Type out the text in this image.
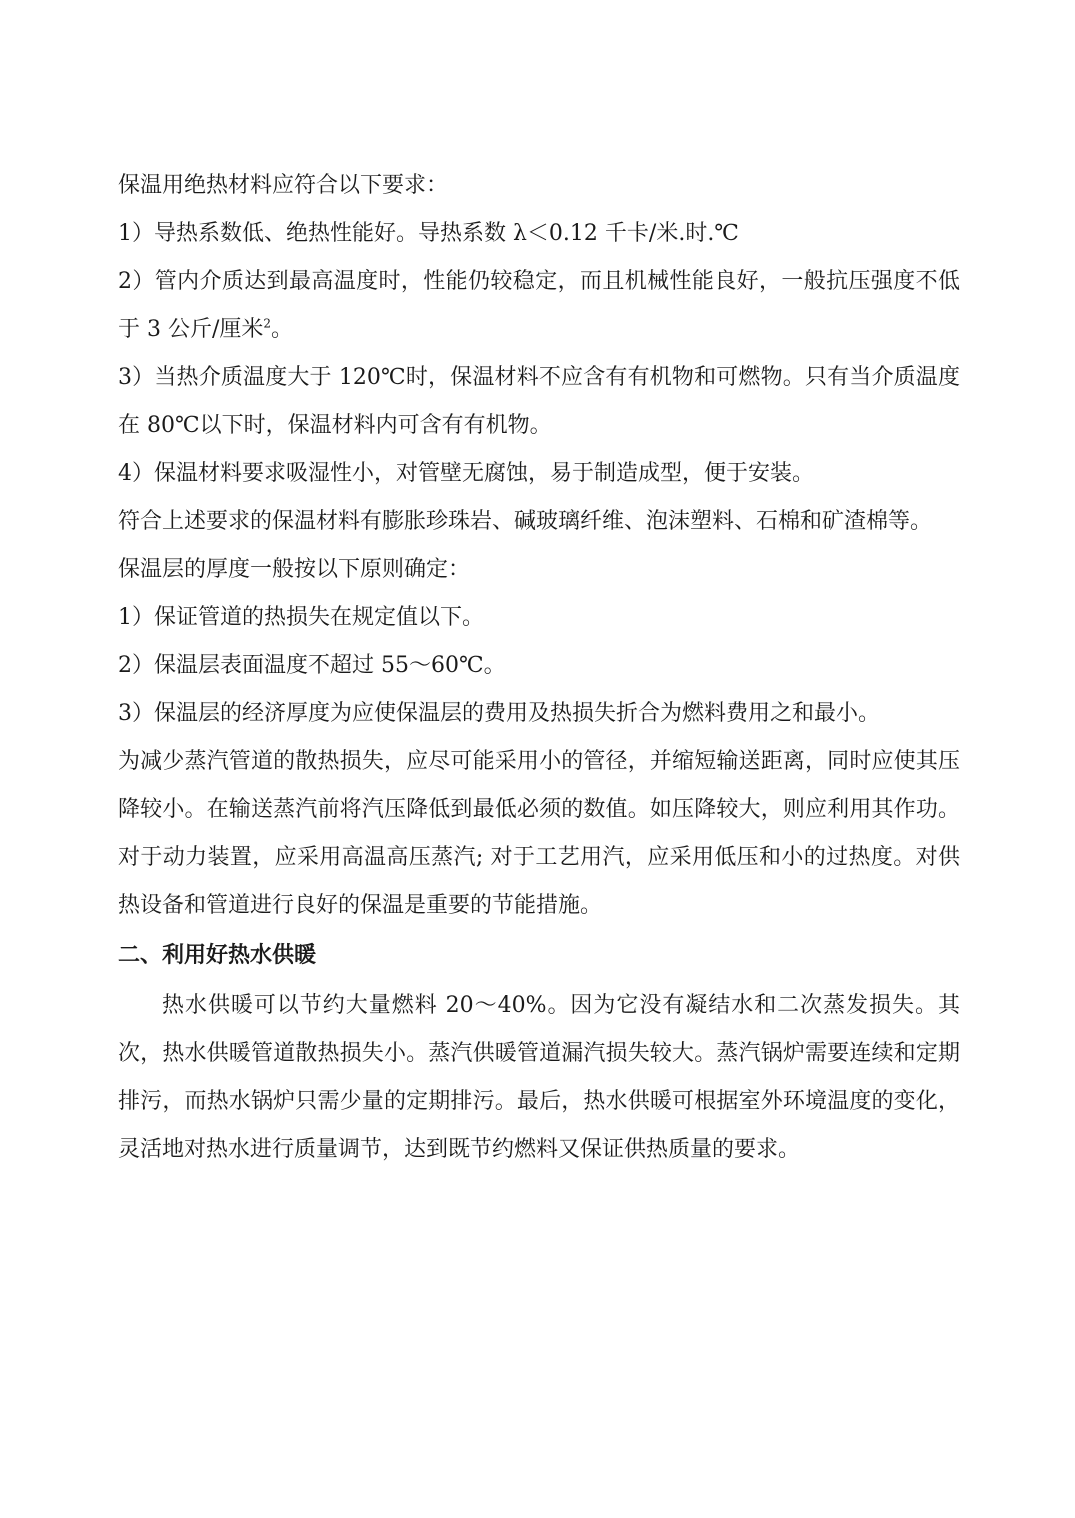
保温用绝热材料应符合以下要求：

1）导热系数低、绝热性能好。导热系数 λ＜0.12 千卡/米.时.℃

2）管内介质达到最高温度时，性能仍较稳定，而且机械性能良好，一般抗压强度不低于 3 公斤/厘米$^2$。

3）当热介质温度大于 120℃时，保温材料不应含有有机物和可燃物。只有当介质温度在 80℃以下时，保温材料内可含有有机物。

4）保温材料要求吸湿性小，对管壁无腐蚀，易于制造成型，便于安装。

符合上述要求的保温材料有膨胀珍珠岩、碱玻璃纤维、泡沫塑料、石棉和矿渣棉等。

保温层的厚度一般按以下原则确定：

1）保证管道的热损失在规定值以下。

2）保温层表面温度不超过 55～60℃。

3）保温层的经济厚度为应使保温层的费用及热损失折合为燃料费用之和最小。

为减少蒸汽管道的散热损失，应尽可能采用小的管径，并缩短输送距离，同时应使其压降较小。在输送蒸汽前将汽压降低到最低必须的数值。如压降较大，则应利用其作功。对于动力装置，应采用高温高压蒸汽; 对于工艺用汽，应采用低压和小的过热度。对供热设备和管道进行良好的保温是重要的节能措施。

二、利用好热水供暖

热水供暖可以节约大量燃料 20～40%。因为它没有凝结水和二次蒸发损失。其次，热水供暖管道散热损失小。蒸汽供暖管道漏汽损失较大。蒸汽锅炉需要连续和定期排污，而热水锅炉只需少量的定期排污。最后，热水供暖可根据室外环境温度的变化，灵活地对热水进行质量调节，达到既节约燃料又保证供热质量的要求。
